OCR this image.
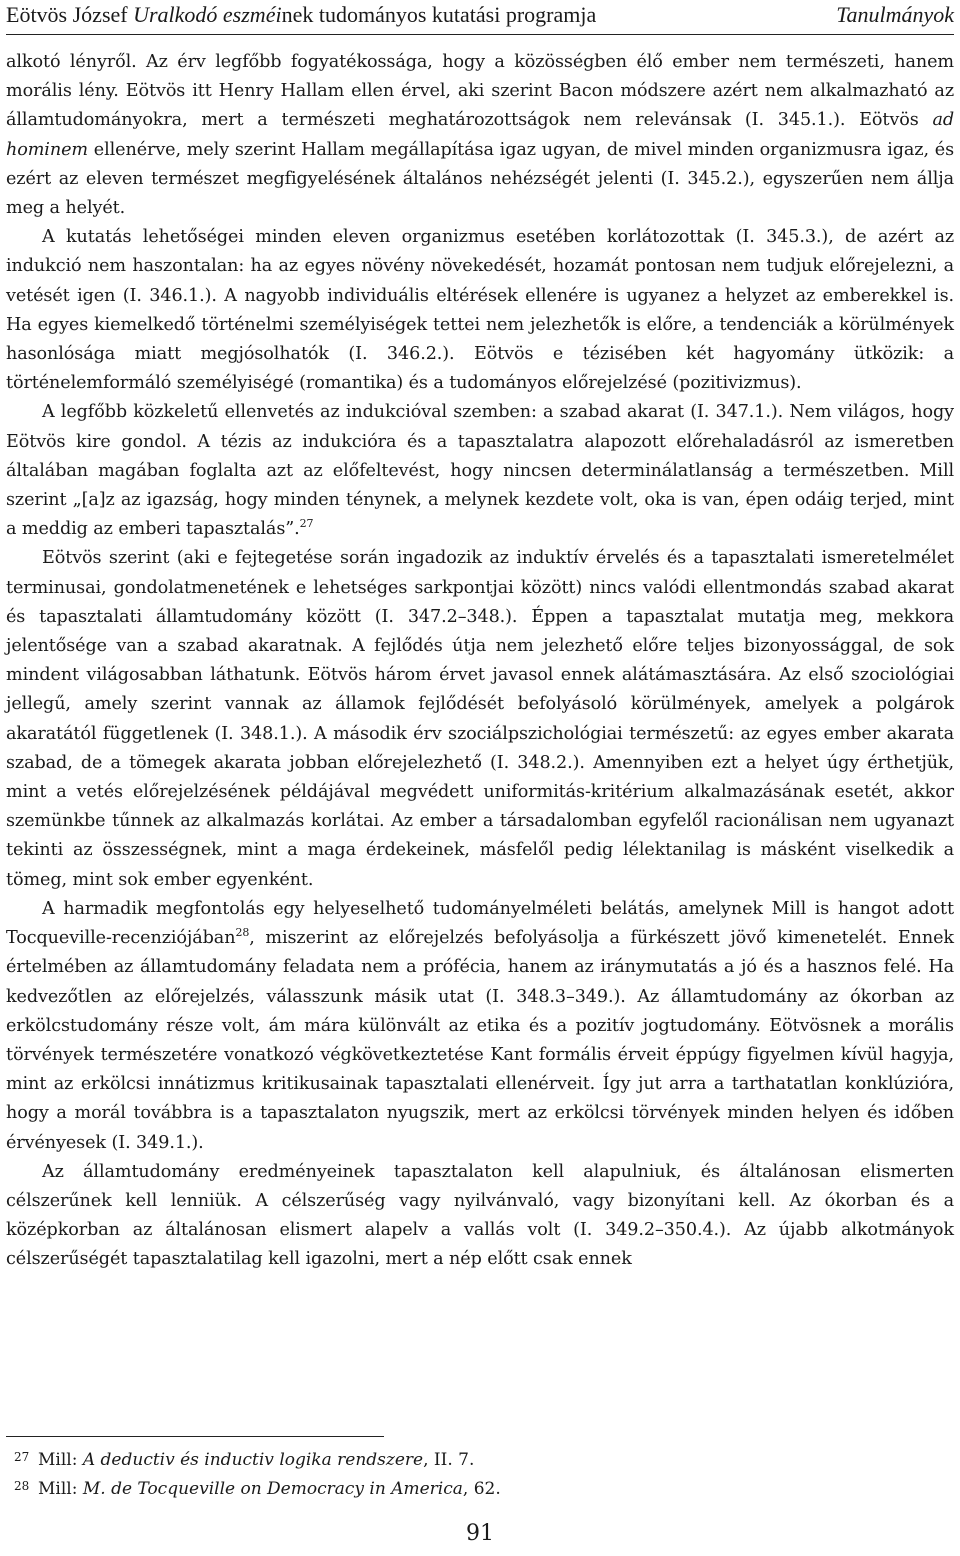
Eötvös József Uralkodó eszméinek tudományos kutatási programja	Tanulmányok

alkotó lényről. Az érv legfőbb fogyatékossága, hogy a közösségben élő ember nem természeti, hanem morális lény. Eötvös itt Henry Hallam ellen érvel, aki szerint Bacon módszere azért nem alkalmazható az államtudományokra, mert a természeti meghatározottságok nem relevánsak (I. 345.1.). Eötvös ad hominem ellenérve, mely szerint Hallam megállapítása igaz ugyan, de mivel minden organizmusra igaz, és ezért az eleven természet megfigyelésének általános nehézségét jelenti (I. 345.2.), egyszerűen nem állja meg a helyét.

A kutatás lehetőségei minden eleven organizmus esetében korlátozottak (I. 345.3.), de azért az indukció nem haszontalan: ha az egyes növény növekedését, hozamát pontosan nem tudjuk előrejelezni, a vetését igen (I. 346.1.). A nagyobb individuális eltérések ellenére is ugyanez a helyzet az emberekkel is. Ha egyes kiemelkedő történelmi személyiségek tettei nem jelezhetők is előre, a tendenciák a körülmények hasonlósága miatt megjósolhatók (I. 346.2.). Eötvös e tézisében két hagyomány ütközik: a történelemformáló személyiségé (romantika) és a tudományos előrejelzésé (pozitivizmus).

A legfőbb közkeletű ellenvetés az indukcióval szemben: a szabad akarat (I. 347.1.). Nem világos, hogy Eötvös kire gondol. A tézis az indukcióra és a tapasztalatra alapozott előrehaladásról az ismeretben általában magában foglalta azt az előfeltevést, hogy nincsen determinálatlanság a természetben. Mill szerint „[a]z az igazság, hogy minden ténynek, a melynek kezdete volt, oka is van, épen odáig terjed, mint a meddig az emberi tapasztalás”.$^{27}$

Eötvös szerint (aki e fejtegetése során ingadozik az induktív érvelés és a tapasztalati ismeretelmélet terminusai, gondolatmenetének e lehetséges sarkpontjai között) nincs valódi ellentmondás szabad akarat és tapasztalati államtudomány között (I. 347.2–348.). Éppen a tapasztalat mutatja meg, mekkora jelentősége van a szabad akaratnak. A fejlődés útja nem jelezhető előre teljes bizonyossággal, de sok mindent világosabban láthatunk. Eötvös három érvet javasol ennek alátámasztására. Az első szociológiai jellegű, amely szerint vannak az államok fejlődését befolyásoló körülmények, amelyek a polgárok akaratától függetlenek (I. 348.1.). A második érv szociálpszichológiai természetű: az egyes ember akarata szabad, de a tömegek akarata jobban előrejelezhető (I. 348.2.). Amennyiben ezt a helyet úgy érthetjük, mint a vetés előrejelzésének példájával megvédett uniformitás-kritérium alkalmazásának esetét, akkor szemünkbe tűnnek az alkalmazás korlátai. Az ember a társadalomban egyfelől racionálisan nem ugyanazt tekinti az összességnek, mint a maga érdekeinek, másfelől pedig lélektanilag is másként viselkedik a tömeg, mint sok ember egyenként.

A harmadik megfontolás egy helyeselhető tudományelméleti belátás, amelynek Mill is hangot adott Tocqueville-recenziójában$^{28}$, miszerint az előrejelzés befolyásolja a fürkészett jövő kimenetelét. Ennek értelmében az államtudomány feladata nem a prófécia, hanem az iránymutatás a jó és a hasznos felé. Ha kedvezőtlen az előrejelzés, válasszunk másik utat (I. 348.3–349.). Az államtudomány az ókorban az erkölcstudomány része volt, ám mára különvált az etika és a pozitív jogtudomány. Eötvösnek a morális törvények természetére vonatkozó végkövetkeztetése Kant formális érveit éppúgy figyelmen kívül hagyja, mint az erkölcsi innátizmus kritikusainak tapasztalati ellenérveit. Így jut arra a tarthatatlan konklúzióra, hogy a morál továbbra is a tapasztalaton nyugszik, mert az erkölcsi törvények minden helyen és időben érvényesek (I. 349.1.).

Az államtudomány eredményeinek tapasztalaton kell alapulniuk, és általánosan elismerten célszerűnek kell lenniük. A célszerűség vagy nyilvánvaló, vagy bizonyítani kell. Az ókorban és a középkorban az általánosan elismert alapelv a vallás volt (I. 349.2–350.4.). Az újabb alkotmányok célszerűségét tapasztalatilag kell igazolni, mert a nép előtt csak ennek

27 Mill: A deductiv és inductiv logika rendszere, II. 7.

28 Mill: M. de Tocqueville on Democracy in America, 62.

91
